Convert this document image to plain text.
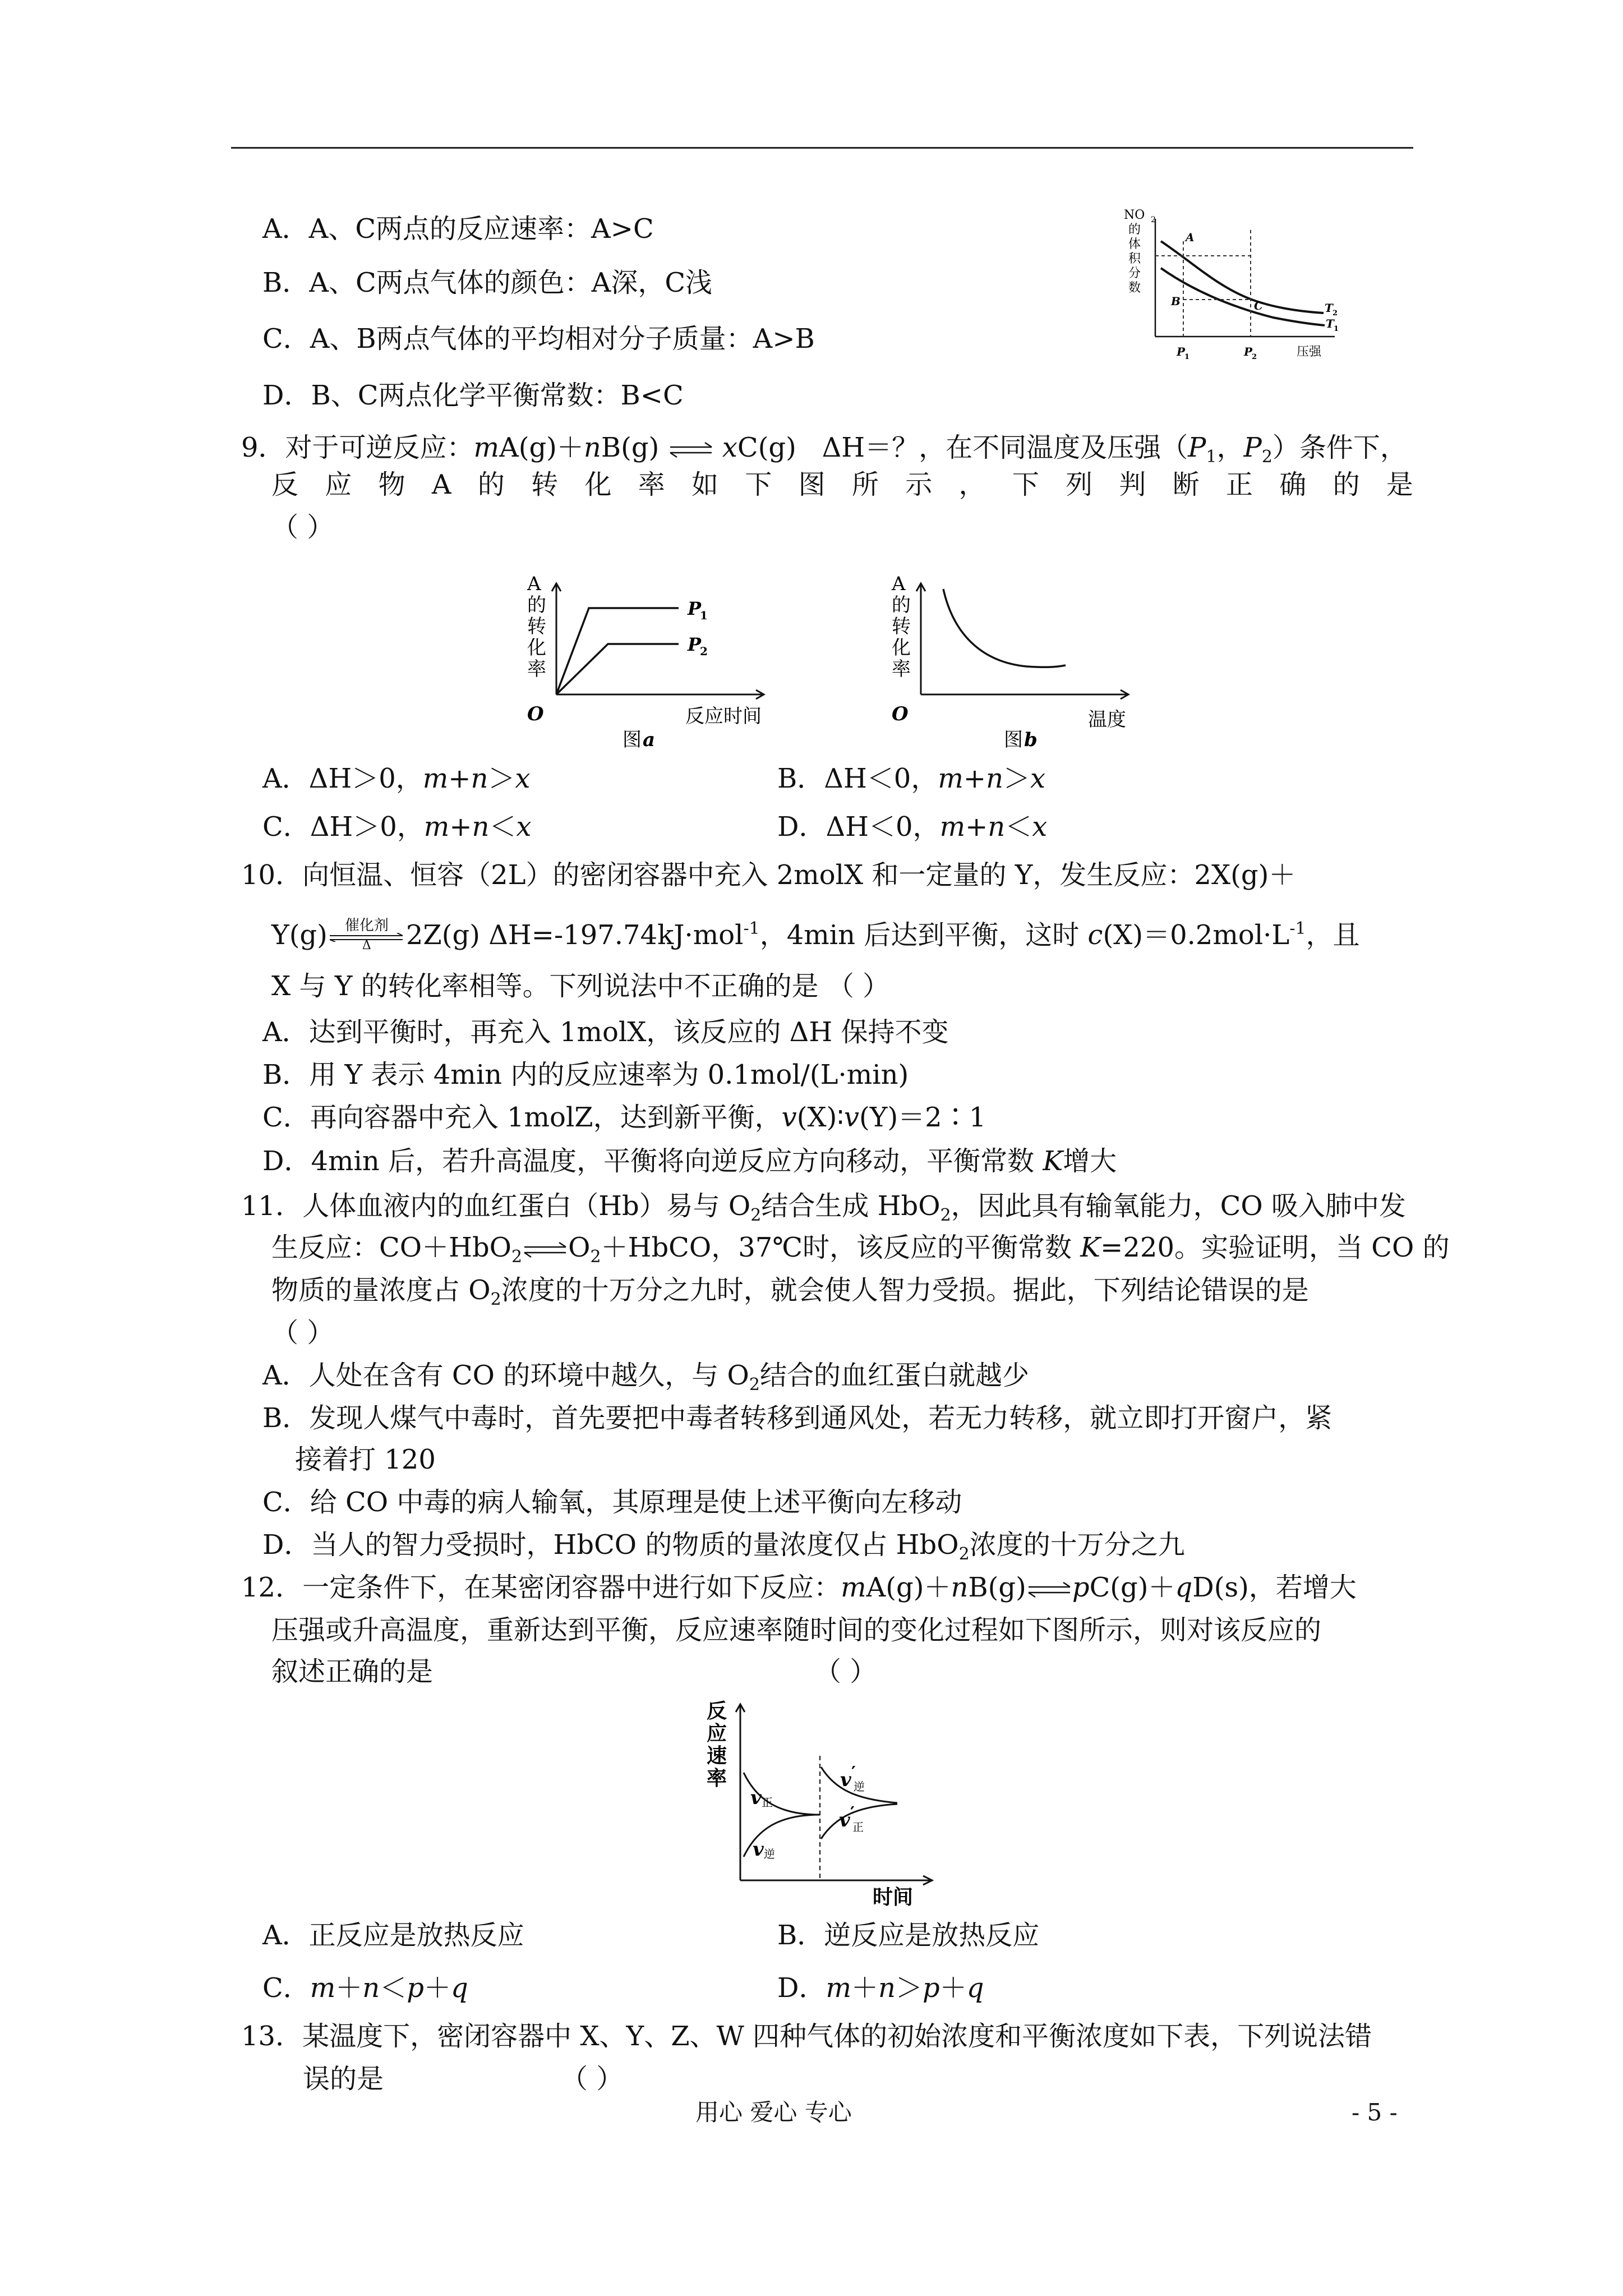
A．A、C两点的反应速率：A>C
B．A、C两点气体的颜色：A深，C浅
C．A、B两点气体的平均相对分子质量：A>B
D．B、C两点化学平衡常数：B<C
NO 2
的
体
积
分
数
A
B	C	T 2
T 1
P
1	P
2	压强
9．对于可逆反应：mA(g)＋nB(g) ⇌ xC(g) ΔH＝？，在不同温度及压强（$P_1$，$P_2$）条件下，
反 应 物 A 的 转 化 率 如 下 图 所 示 ， 下 列 判 断 正 确 的 是
（ ）
A
的
转
化
率
P
1
P
2
O	反应时间
图 a
A
的
转
化
率
O	温度
图 b
A．ΔH＞0，m+n＞x	B．ΔH＜0，m+n＞x
C．ΔH＞0，m+n＜x	D．ΔH＜0，m+n＜x
10．向恒温、恒容（2L）的密闭容器中充入 2molX 和一定量的 Y，发生反应：2X(g)＋
Y(g)	催化剂
Δ	2Z(g) ΔH=-197.74kJ·mol$^{-1}$，4min 后达到平衡，这时 $c(X)=0.2mol\cdot L^{-1}$，且
X 与 Y 的转化率相等。下列说法中不正确的是 （ ）
A．达到平衡时，再充入 1molX，该反应的 ΔH 保持不变
B．用 Y 表示 4min 内的反应速率为 0.1mol/(L·min)
C．再向容器中充入 1molZ，达到新平衡，v(X)∶v(Y)＝2∶1
D．4min 后，若升高温度，平衡将向逆反应方向移动，平衡常数 K增大
11．人体血液内的血红蛋白（Hb）易与 $O_2$结合生成 HbO$_2$，因此具有输氧能力，CO 吸入肺中发
生反应：$CO+HbO_2\rightleftharpoons O_2+HbCO$，37℃时，该反应的平衡常数 K=220。实验证明，当 CO 的
物质的量浓度占 $O_2$浓度的十万分之九时，就会使人智力受损。据此，下列结论错误的是
（ ）
A．人处在含有 CO 的环境中越久，与 $O_2$结合的血红蛋白就越少
B．发现人煤气中毒时，首先要把中毒者转移到通风处，若无力转移，就立即打开窗户，紧
接着打 120
C．给 CO 中毒的病人输氧，其原理是使上述平衡向左移动
D．当人的智力受损时，HbCO 的物质的量浓度仅占 HbO$_2$浓度的十万分之九
12．一定条件下，在某密闭容器中进行如下反应：mA(g)＋nB(g)⇌pC(g)＋qD(s)，若增大
压强或升高温度，重新达到平衡，反应速率随时间的变化过程如下图所示，则对该反应的
叙述正确的是	（ ）
反
应
速
率
v 正
v 逆
v ′
逆
v ′
正
时间
A．正反应是放热反应	B．逆反应是放热反应
C．m＋n＜p＋q	D．m＋n＞p＋q
13．某温度下，密闭容器中 X、Y、Z、W 四种气体的初始浓度和平衡浓度如下表，下列说法错
误的是	（ ）
用心 爱心 专心	- 5 -
